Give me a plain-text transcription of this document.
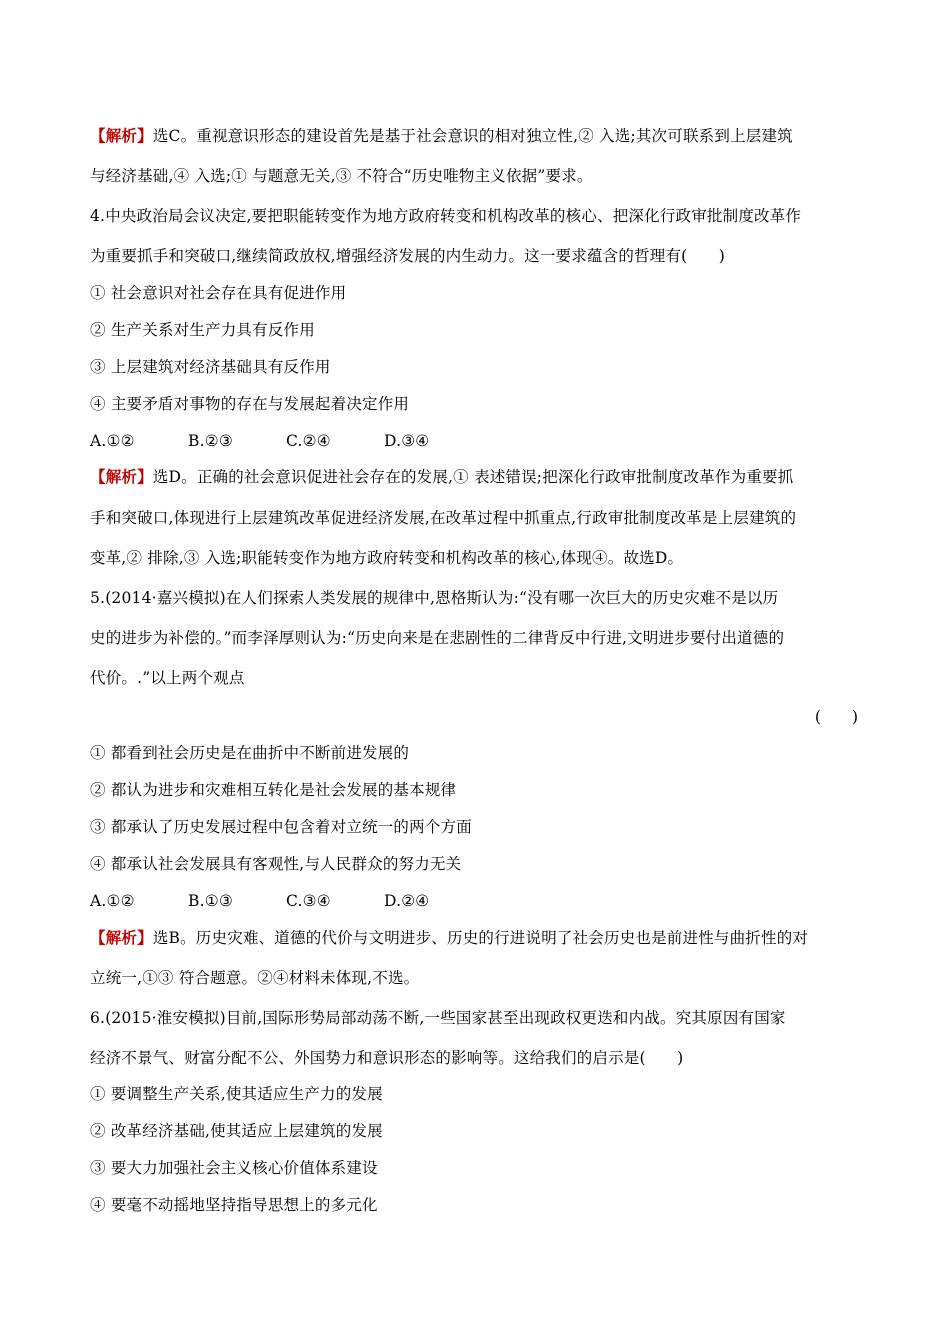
【解析】选C。重视意识形态的建设首先是基于社会意识的相对独立性,② 入选;其次可联系到上层建筑
与经济基础,④ 入选;① 与题意无关,③ 不符合“历史唯物主义依据”要求。
4.中央政治局会议决定,要把职能转变作为地方政府转变和机构改革的核心、把深化行政审批制度改革作
为重要抓手和突破口,继续简政放权,增强经济发展的内生动力。这一要求蕴含的哲理有(　　)
① 社会意识对社会存在具有促进作用
② 生产关系对生产力具有反作用
③ 上层建筑对经济基础具有反作用
④ 主要矛盾对事物的存在与发展起着决定作用
A.①②	B.②③	C.②④	D.③④
【解析】选D。正确的社会意识促进社会存在的发展,① 表述错误;把深化行政审批制度改革作为重要抓
手和突破口,体现进行上层建筑改革促进经济发展,在改革过程中抓重点,行政审批制度改革是上层建筑的
变革,② 排除,③ 入选;职能转变作为地方政府转变和机构改革的核心,体现④。故选D。
5.(2014·嘉兴模拟)在人们探索人类发展的规律中,恩格斯认为:“没有哪一次巨大的历史灾难不是以历
史的进步为补偿的。”而李泽厚则认为:“历史向来是在悲剧性的二律背反中行进,文明进步要付出道德的
代价。.”以上两个观点
(　　)
① 都看到社会历史是在曲折中不断前进发展的
② 都认为进步和灾难相互转化是社会发展的基本规律
③ 都承认了历史发展过程中包含着对立统一的两个方面
④ 都承认社会发展具有客观性,与人民群众的努力无关
A.①②	B.①③	C.③④	D.②④
【解析】选B。历史灾难、道德的代价与文明进步、历史的行进说明了社会历史也是前进性与曲折性的对
立统一,①③ 符合题意。②④材料未体现,不选。
6.(2015·淮安模拟)目前,国际形势局部动荡不断,一些国家甚至出现政权更迭和内战。究其原因有国家
经济不景气、财富分配不公、外国势力和意识形态的影响等。这给我们的启示是(　　)
① 要调整生产关系,使其适应生产力的发展
② 改革经济基础,使其适应上层建筑的发展
③ 要大力加强社会主义核心价值体系建设
④ 要毫不动摇地坚持指导思想上的多元化
